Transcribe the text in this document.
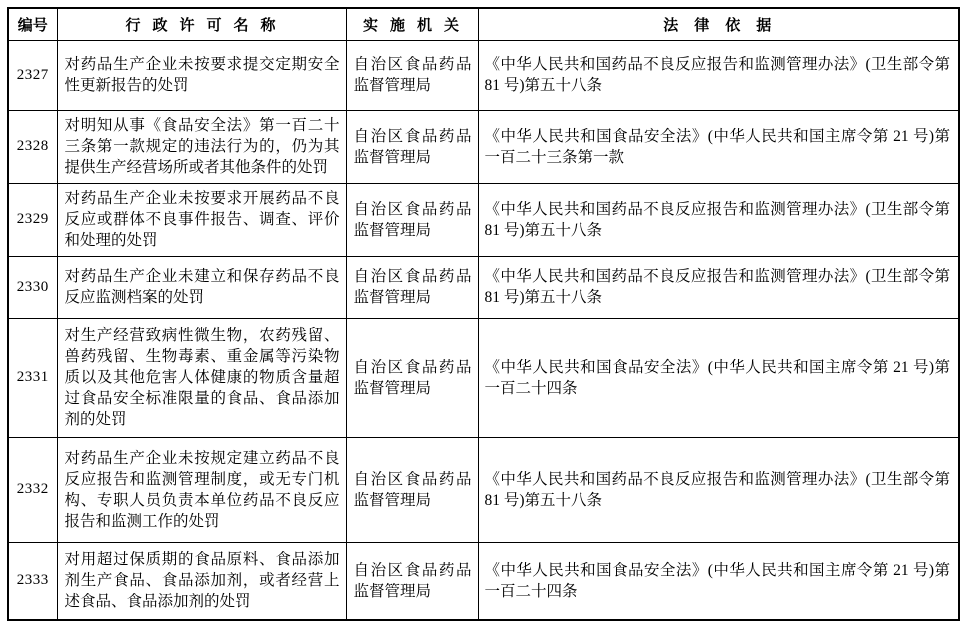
编号	行政许可名称	实施机关	法律依据
2327	对药品生产企业未按要求提交定期安全性更新报告的处罚	自治区食品药品监督管理局	《中华人民共和国药品不良反应报告和监测管理办法》(卫生部令第 81 号)第五十八条
2328	对明知从事《食品安全法》第一百二十三条第一款规定的违法行为的，仍为其提供生产经营场所或者其他条件的处罚	自治区食品药品监督管理局	《中华人民共和国食品安全法》(中华人民共和国主席令第 21 号)第一百二十三条第一款
2329	对药品生产企业未按要求开展药品不良反应或群体不良事件报告、调查、评价和处理的处罚	自治区食品药品监督管理局	《中华人民共和国药品不良反应报告和监测管理办法》(卫生部令第 81 号)第五十八条
2330	对药品生产企业未建立和保存药品不良反应监测档案的处罚	自治区食品药品监督管理局	《中华人民共和国药品不良反应报告和监测管理办法》(卫生部令第 81 号)第五十八条
2331	对生产经营致病性微生物，农药残留、兽药残留、生物毒素、重金属等污染物质以及其他危害人体健康的物质含量超过食品安全标准限量的食品、食品添加剂的处罚	自治区食品药品监督管理局	《中华人民共和国食品安全法》(中华人民共和国主席令第 21 号)第一百二十四条
2332	对药品生产企业未按规定建立药品不良反应报告和监测管理制度，或无专门机构、专职人员负责本单位药品不良反应报告和监测工作的处罚	自治区食品药品监督管理局	《中华人民共和国药品不良反应报告和监测管理办法》(卫生部令第 81 号)第五十八条
2333	对用超过保质期的食品原料、食品添加剂生产食品、食品添加剂，或者经营上述食品、食品添加剂的处罚	自治区食品药品监督管理局	《中华人民共和国食品安全法》(中华人民共和国主席令第 21 号)第一百二十四条
